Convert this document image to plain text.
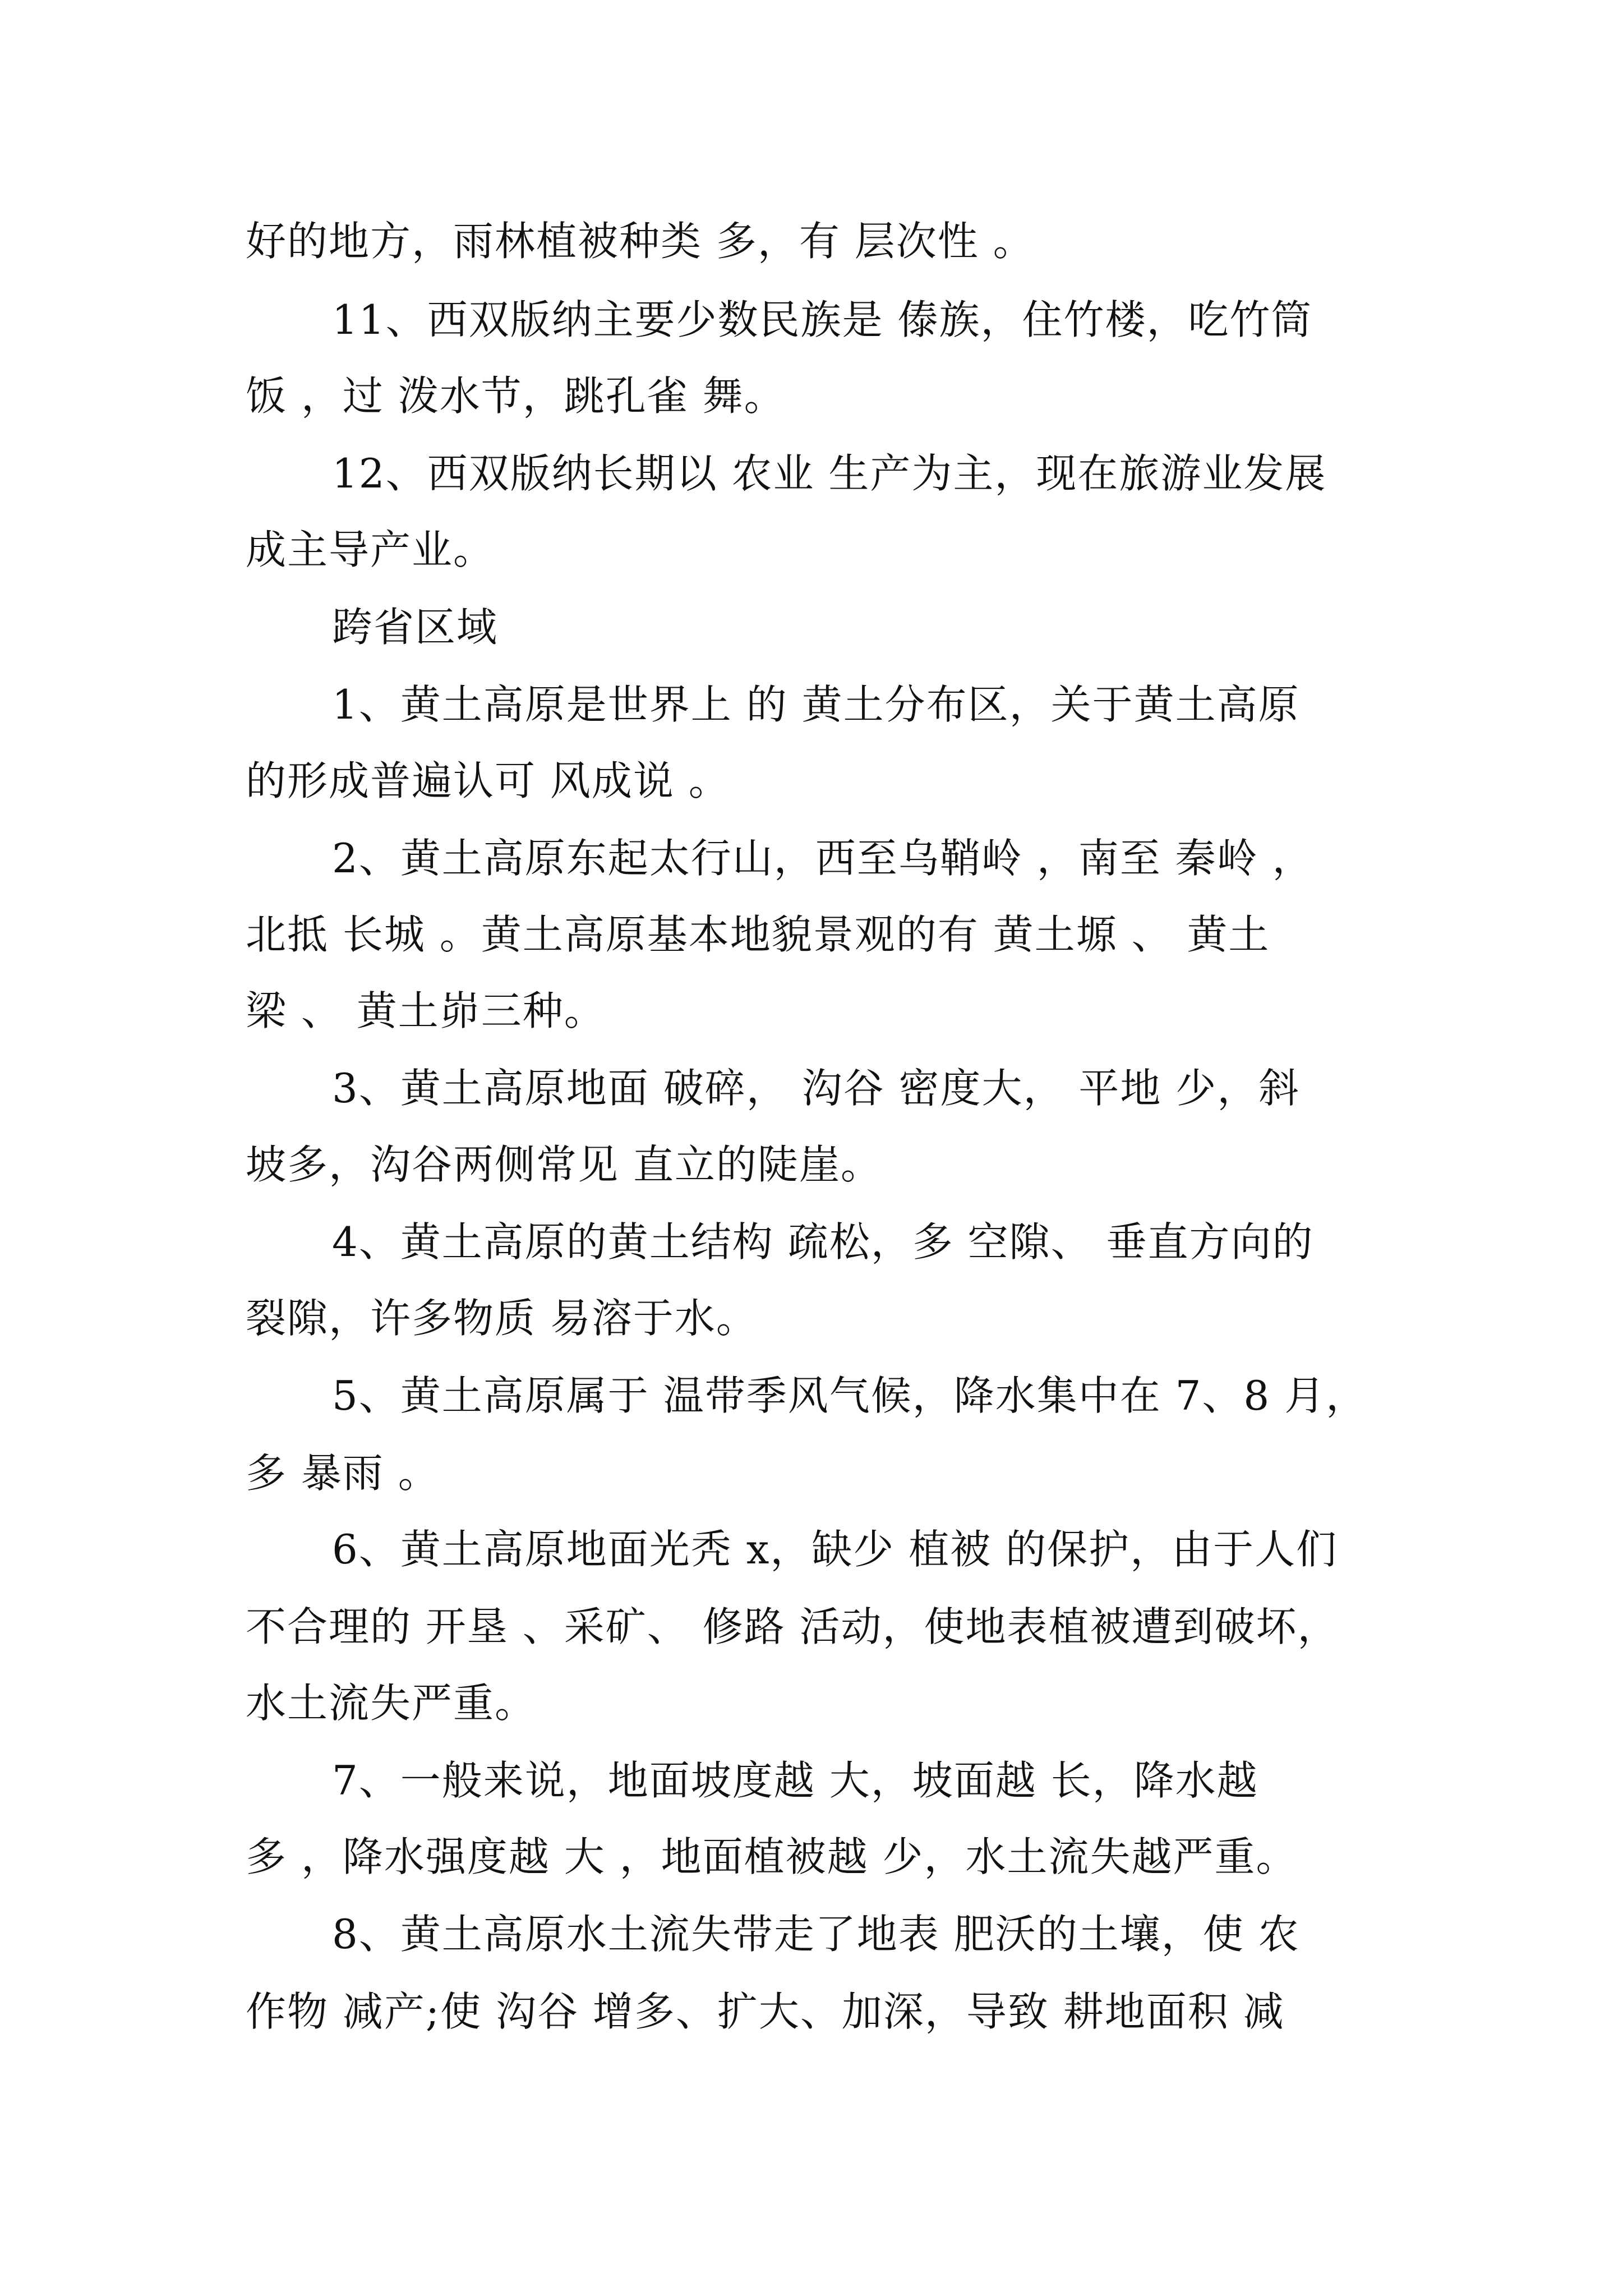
好的地方，雨林植被种类 多，有 层次性 。
11、西双版纳主要少数民族是 傣族，住竹楼，吃竹筒
饭 ，过 泼水节，跳孔雀 舞。
12、西双版纳长期以 农业 生产为主，现在旅游业发展
成主导产业。
跨省区域
1、黄土高原是世界上 的 黄土分布区，关于黄土高原
的形成普遍认可 风成说 。
2、黄土高原东起太行山，西至乌鞘岭 ，南至 秦岭 ，
北抵 长城 。黄土高原基本地貌景观的有 黄土塬 、 黄土
梁 、 黄土峁三种。
3、黄土高原地面 破碎， 沟谷 密度大， 平地 少，斜
坡多，沟谷两侧常见 直立的陡崖。
4、黄土高原的黄土结构 疏松，多 空隙、 垂直方向的
裂隙，许多物质 易溶于水。
5、黄土高原属于 温带季风气候，降水集中在 7、8 月，
多 暴雨 。
6、黄土高原地面光秃 x，缺少 植被 的保护，由于人们
不合理的 开垦 、采矿、 修路 活动，使地表植被遭到破坏，
水土流失严重。
7、一般来说，地面坡度越 大，坡面越 长，降水越
多 ，降水强度越 大 ，地面植被越 少，水土流失越严重。
8、黄土高原水土流失带走了地表 肥沃的土壤，使 农
作物 减产;使 沟谷 增多、扩大、加深，导致 耕地面积 减
